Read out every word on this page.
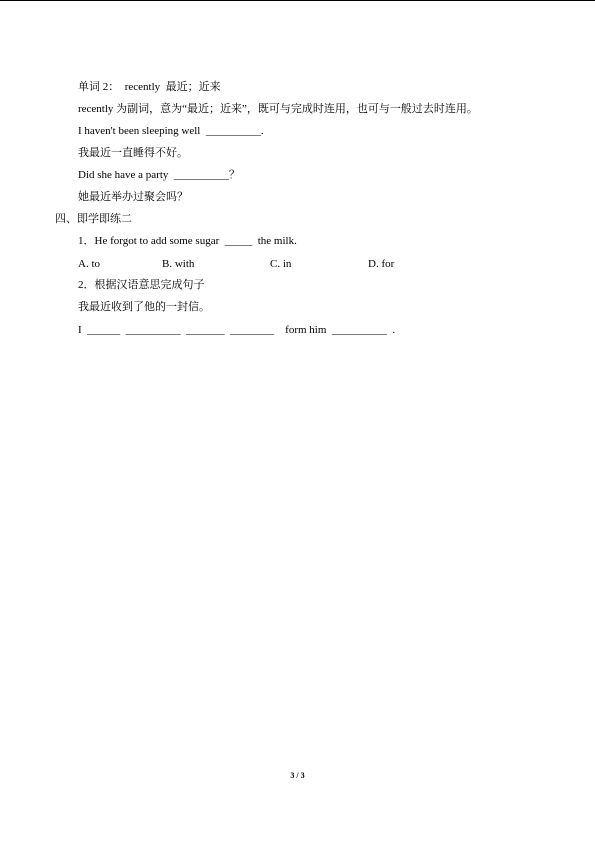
单词 2：  recently  最近；近来
recently 为副词，意为“最近；近来”，既可与完成时连用，也可与一般过去时连用。
I haven't been sleeping well  __________.
我最近一直睡得不好。
Did she have a party  __________？
她最近举办过聚会吗？
四、即学即练二
1．He forgot to add some sugar  _____  the milk.
A. to	B. with	C. in	D. for
2．根据汉语意思完成句子
我最近收到了他的一封信。
I  ______  __________  _______  ________    form him  __________  .
3 / 3
